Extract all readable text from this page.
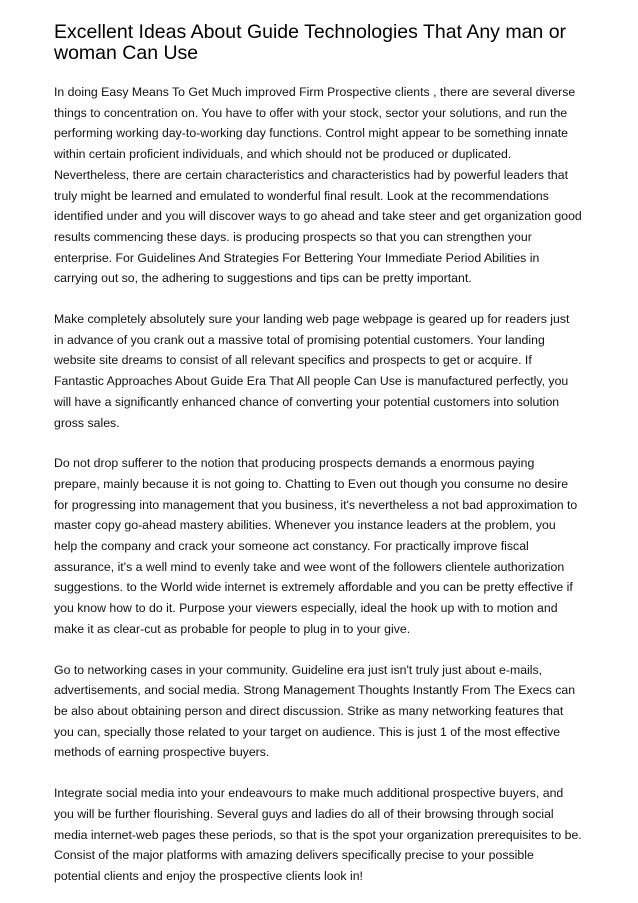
Excellent Ideas About Guide Technologies That Any man or woman Can Use

In doing Easy Means To Get Much improved Firm Prospective clients , there are several diverse things to concentration on. You have to offer with your stock, sector your solutions, and run the performing working day-to-working day functions. Control might appear to be something innate within certain proficient individuals, and which should not be produced or duplicated. Nevertheless, there are certain characteristics and characteristics had by powerful leaders that truly might be learned and emulated to wonderful final result. Look at the recommendations identified under and you will discover ways to go ahead and take steer and get organization good results commencing these days. is producing prospects so that you can strengthen your enterprise. For Guidelines And Strategies For Bettering Your Immediate Period Abilities in carrying out so, the adhering to suggestions and tips can be pretty important.

Make completely absolutely sure your landing web page webpage is geared up for readers just in advance of you crank out a massive total of promising potential customers. Your landing website site dreams to consist of all relevant specifics and prospects to get or acquire. If Fantastic Approaches About Guide Era That All people Can Use is manufactured perfectly, you will have a significantly enhanced chance of converting your potential customers into solution gross sales.

Do not drop sufferer to the notion that producing prospects demands a enormous paying prepare, mainly because it is not going to. Chatting to Even out though you consume no desire for progressing into management that you business, it's nevertheless a not bad approximation to master copy go-ahead mastery abilities. Whenever you instance leaders at the problem, you help the company and crack your someone act constancy. For practically improve fiscal assurance, it's a well mind to evenly take and wee wont of the followers clientele authorization suggestions. to the World wide internet is extremely affordable and you can be pretty effective if you know how to do it. Purpose your viewers especially, ideal the hook up with to motion and make it as clear-cut as probable for people to plug in to your give.

Go to networking cases in your community. Guideline era just isn't truly just about e-mails, advertisements, and social media. Strong Management Thoughts Instantly From The Execs can be also about obtaining person and direct discussion. Strike as many networking features that you can, specially those related to your target on audience. This is just 1 of the most effective methods of earning prospective buyers.

Integrate social media into your endeavours to make much additional prospective buyers, and you will be further flourishing. Several guys and ladies do all of their browsing through social media internet-web pages these periods, so that is the spot your organization prerequisites to be. Consist of the major platforms with amazing delivers specifically precise to your possible potential clients and enjoy the prospective clients look in!
